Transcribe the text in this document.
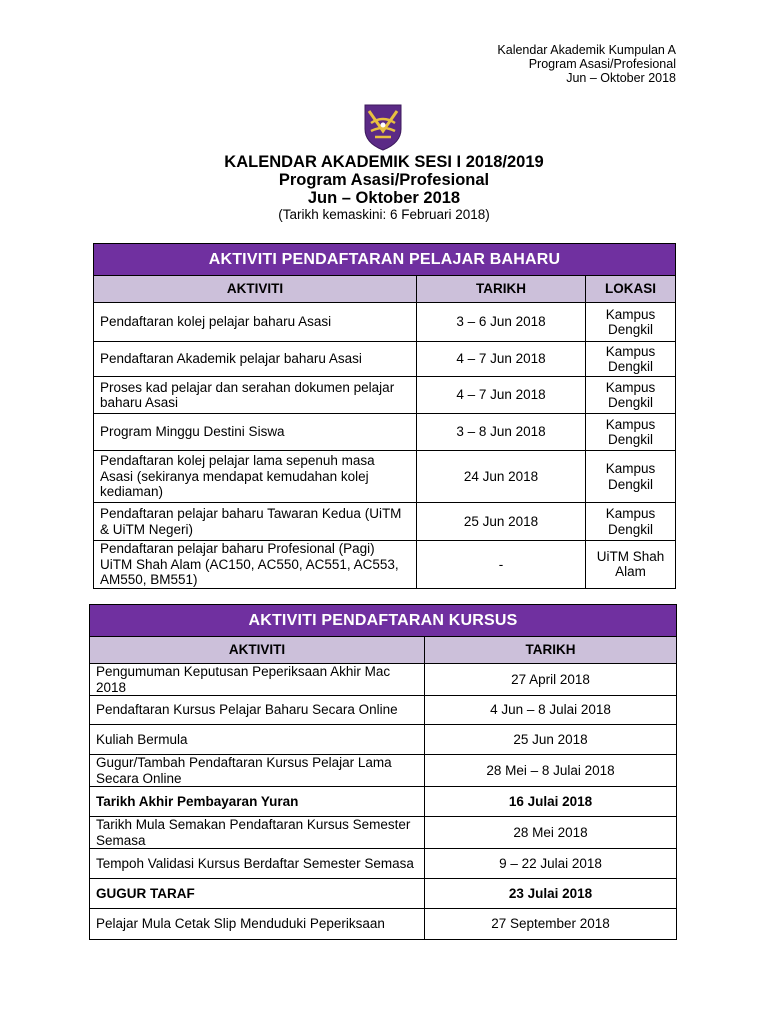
Kalendar Akademik Kumpulan A
Program Asasi/Profesional
Jun – Oktober 2018
KALENDAR AKADEMIK SESI I 2018/2019
Program Asasi/Profesional
Jun – Oktober 2018
(Tarikh kemaskini: 6 Februari 2018)
AKTIVITI PENDAFTARAN PELAJAR BAHARU		
AKTIVITI	TARIKH	LOKASI
Pendaftaran kolej pelajar baharu Asasi	3 – 6 Jun 2018	Kampus Dengkil
Pendaftaran Akademik pelajar baharu Asasi	4 – 7 Jun 2018	Kampus Dengkil
Proses kad pelajar dan serahan dokumen pelajar baharu Asasi	4 – 7 Jun 2018	Kampus Dengkil
Program Minggu Destini Siswa	3 – 8 Jun 2018	Kampus Dengkil
Pendaftaran kolej pelajar lama sepenuh masa Asasi (sekiranya mendapat kemudahan kolej kediaman)	24 Jun 2018	Kampus Dengkil
Pendaftaran pelajar baharu Tawaran Kedua (UiTM & UiTM Negeri)	25 Jun 2018	Kampus Dengkil
Pendaftaran pelajar baharu Profesional (Pagi) UiTM Shah Alam (AC150, AC550, AC551, AC553, AM550, BM551)	-	UiTM Shah Alam
AKTIVITI PENDAFTARAN KURSUS	
AKTIVITI	TARIKH
Pengumuman Keputusan Peperiksaan Akhir Mac 2018	27 April 2018
Pendaftaran Kursus Pelajar Baharu Secara Online	4 Jun – 8 Julai 2018
Kuliah Bermula	25 Jun 2018
Gugur/Tambah Pendaftaran Kursus Pelajar Lama Secara Online	28 Mei – 8 Julai 2018
Tarikh Akhir Pembayaran Yuran	16 Julai 2018
Tarikh Mula Semakan Pendaftaran Kursus Semester Semasa	28 Mei 2018
Tempoh Validasi Kursus Berdaftar Semester Semasa	9 – 22 Julai 2018
GUGUR TARAF	23 Julai 2018
Pelajar Mula Cetak Slip Menduduki Peperiksaan	27 September 2018
